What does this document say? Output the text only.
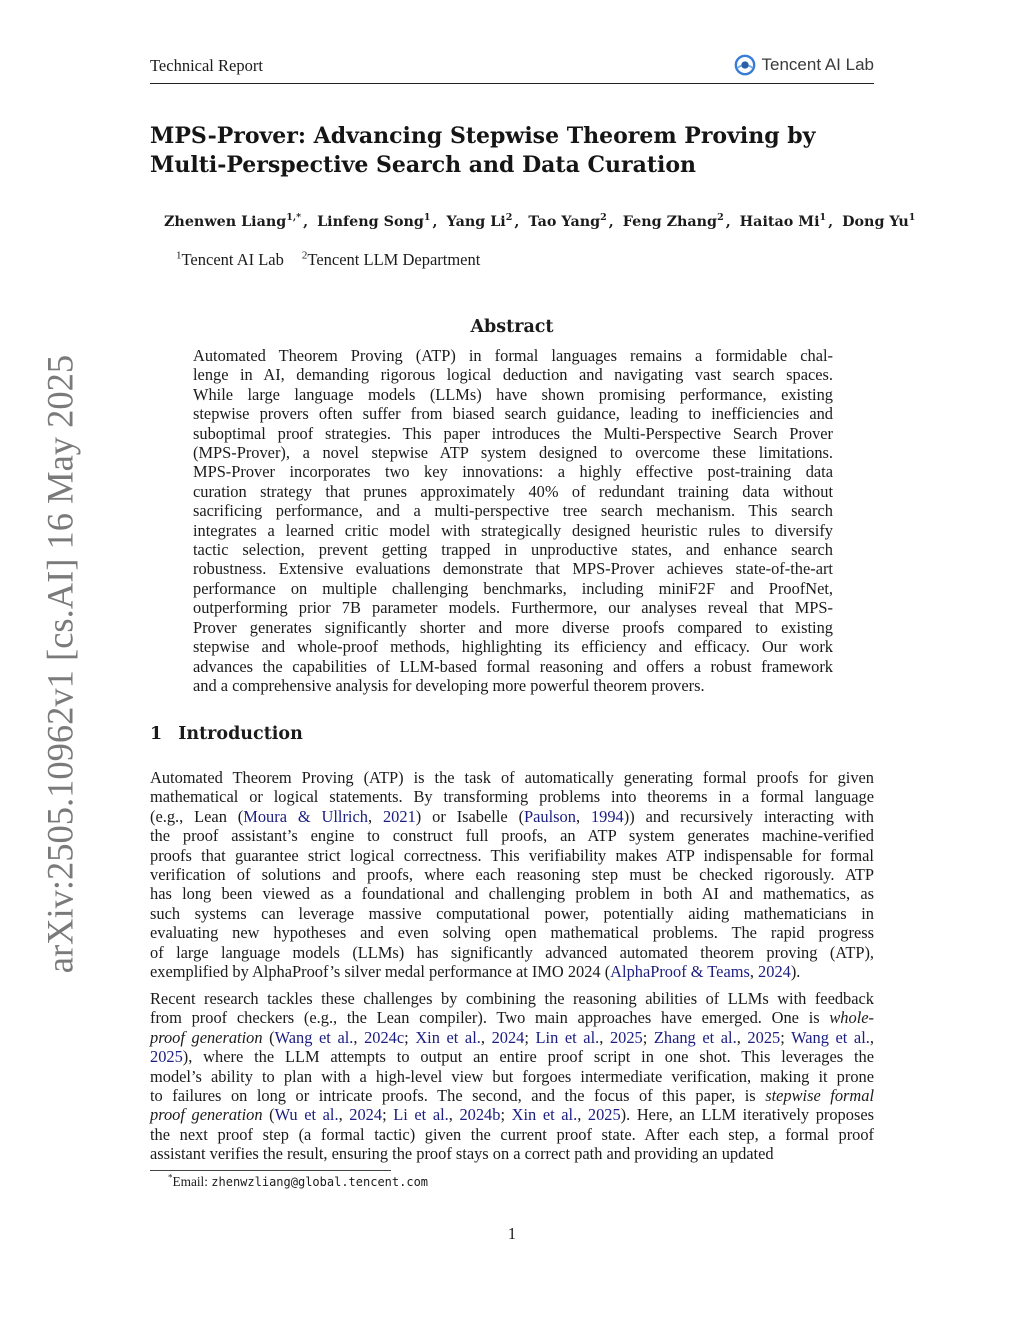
Technical Report	Tencent AI Lab
MPS-Prover: Advancing Stepwise Theorem Proving by Multi-Perspective Search and Data Curation
Zhenwen Liang$^{1,*}$ , Linfeng Song$^1$ , Yang Li$^2$ , Tao Yang$^2$ , Feng Zhang$^2$ , Haitao Mi$^1$ , Dong Yu$^1$
$^1$Tencent AI Lab $^2$Tencent LLM Department
Abstract
Automated Theorem Proving (ATP) in formal languages remains a formidable chal-
lenge in AI, demanding rigorous logical deduction and navigating vast search spaces.
While large language models (LLMs) have shown promising performance, existing
stepwise provers often suffer from biased search guidance, leading to inefficiencies and
suboptimal proof strategies. This paper introduces the Multi-Perspective Search Prover
(MPS-Prover), a novel stepwise ATP system designed to overcome these limitations.
MPS-Prover incorporates two key innovations: a highly effective post-training data
curation strategy that prunes approximately 40% of redundant training data without
sacrificing performance, and a multi-perspective tree search mechanism. This search
integrates a learned critic model with strategically designed heuristic rules to diversify
tactic selection, prevent getting trapped in unproductive states, and enhance search
robustness. Extensive evaluations demonstrate that MPS-Prover achieves state-of-the-art
performance on multiple challenging benchmarks, including miniF2F and ProofNet,
outperforming prior 7B parameter models. Furthermore, our analyses reveal that MPS-
Prover generates significantly shorter and more diverse proofs compared to existing
stepwise and whole-proof methods, highlighting its efficiency and efficacy. Our work
advances the capabilities of LLM-based formal reasoning and offers a robust framework
and a comprehensive analysis for developing more powerful theorem provers.
1 Introduction
Automated Theorem Proving (ATP) is the task of automatically generating formal proofs for given
mathematical or logical statements. By transforming problems into theorems in a formal language
(e.g., Lean (Moura & Ullrich, 2021) or Isabelle (Paulson, 1994)) and recursively interacting with
the proof assistant’s engine to construct full proofs, an ATP system generates machine-verified
proofs that guarantee strict logical correctness. This verifiability makes ATP indispensable for formal
verification of solutions and proofs, where each reasoning step must be checked rigorously. ATP
has long been viewed as a foundational and challenging problem in both AI and mathematics, as
such systems can leverage massive computational power, potentially aiding mathematicians in
evaluating new hypotheses and even solving open mathematical problems. The rapid progress
of large language models (LLMs) has significantly advanced automated theorem proving (ATP),
exemplified by AlphaProof’s silver medal performance at IMO 2024 (AlphaProof & Teams, 2024).
Recent research tackles these challenges by combining the reasoning abilities of LLMs with feedback
from proof checkers (e.g., the Lean compiler). Two main approaches have emerged. One is whole-
proof generation (Wang et al., 2024c; Xin et al., 2024; Lin et al., 2025; Zhang et al., 2025; Wang et al.,
2025), where the LLM attempts to output an entire proof script in one shot. This leverages the
model’s ability to plan with a high-level view but forgoes intermediate verification, making it prone
to failures on long or intricate proofs. The second, and the focus of this paper, is stepwise formal
proof generation (Wu et al., 2024; Li et al., 2024b; Xin et al., 2025). Here, an LLM iteratively proposes
the next proof step (a formal tactic) given the current proof state. After each step, a formal proof
assistant verifies the result, ensuring the proof stays on a correct path and providing an updated
*Email: zhenwzliang@global.tencent.com
1
arXiv:2505.10962v1 [cs.AI] 16 May 2025
